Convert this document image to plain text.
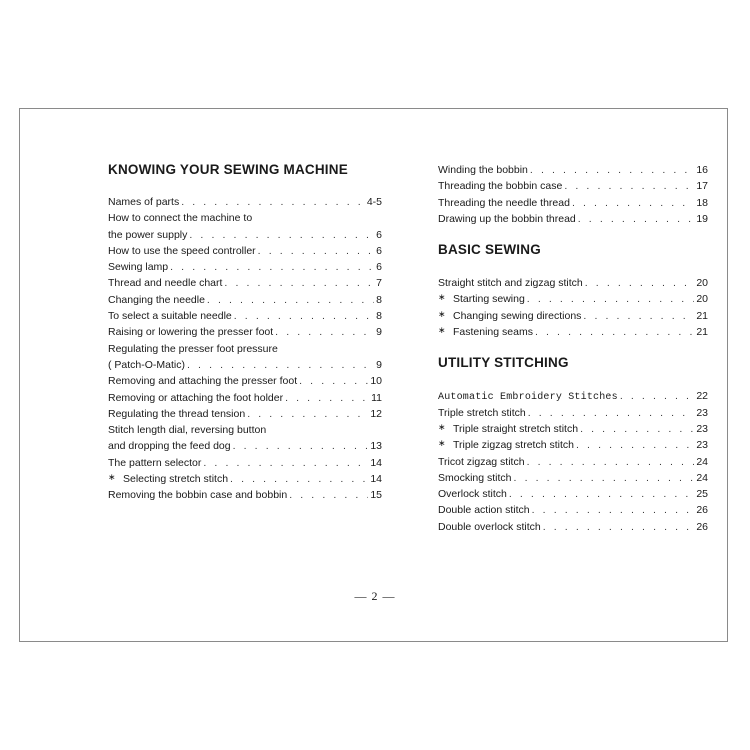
KNOWING YOUR SEWING MACHINE
Names of parts . . .	4-5
How to connect the machine to
the power supply . . .	6
How to use the speed controller . . .	6
Sewing lamp . . .	6
Thread and needle chart . . .	7
Changing the needle . . .	8
To select a suitable needle . . .	8
Raising or lowering the presser foot . . .	9
Regulating the presser foot pressure
( Patch-O-Matic) . . .	9
Removing and attaching the presser foot . . .	10
Removing or attaching the foot holder . . .	11
Regulating the thread tension . . .	12
Stitch length dial, reversing button
and dropping the feed dog . . .	13
The pattern selector . . .	14
∗ Selecting stretch stitch . . .	14
Removing the bobbin case and bobbin . . .	15
Winding the bobbin . . .	16
Threading the bobbin case . . .	17
Threading the needle thread . . .	18
Drawing up the bobbin thread . . .	19
BASIC SEWING
Straight stitch and zigzag stitch . . .	20
∗ Starting sewing . . .	20
∗ Changing sewing directions . . .	21
∗ Fastening seams . . .	21
UTILITY STITCHING
Automatic Embroidery Stitches . . .	22
Triple stretch stitch . . .	23
∗ Triple straight stretch stitch . . .	23
∗ Triple zigzag stretch stitch . . .	23
Tricot zigzag stitch . . .	24
Smocking stitch . . .	24
Overlock stitch . . .	25
Double action stitch . . .	26
Double overlock stitch . . .	26
— 2 —
